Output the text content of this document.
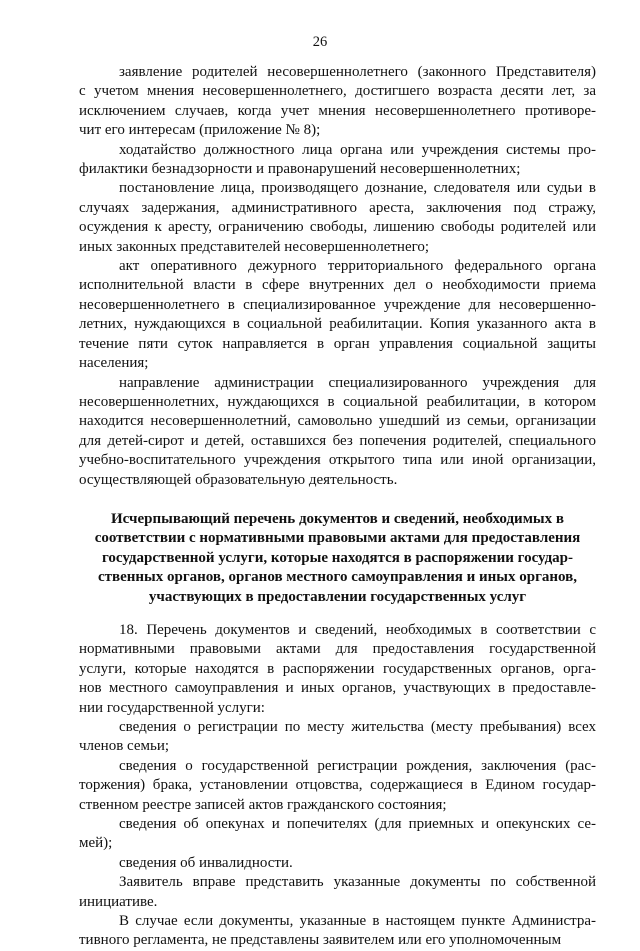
26
заявление родителей несовершеннолетнего (законного Представителя)
с учетом мнения несовершеннолетнего, достигшего возраста десяти лет, за
исключением случаев, когда учет мнения несовершеннолетнего противоре-
чит его интересам (приложение № 8);
ходатайство должностного лица органа или учреждения системы про-
филактики безнадзорности и правонарушений несовершеннолетних;
постановление лица, производящего дознание, следователя или судьи в
случаях задержания, административного ареста, заключения под стражу,
осуждения к аресту, ограничению свободы, лишению свободы родителей или
иных законных представителей несовершеннолетнего;
акт оперативного дежурного территориального федерального органа
исполнительной власти в сфере внутренних дел о необходимости приема
несовершеннолетнего в специализированное учреждение для несовершенно-
летних, нуждающихся в социальной реабилитации. Копия указанного акта в
течение пяти суток направляется в орган управления социальной защиты
населения;
направление администрации специализированного учреждения для
несовершеннолетних, нуждающихся в социальной реабилитации, в котором
находится несовершеннолетний, самовольно ушедший из семьи, организации
для детей-сирот и детей, оставшихся без попечения родителей, специального
учебно-воспитательного учреждения открытого типа или иной организации,
осуществляющей образовательную деятельность.
Исчерпывающий перечень документов и сведений, необходимых в
соответствии с нормативными правовыми актами для предоставления
государственной услуги, которые находятся в распоряжении государ-
ственных органов, органов местного самоуправления и иных органов,
участвующих в предоставлении государственных услуг
18. Перечень документов и сведений, необходимых в соответствии с
нормативными правовыми актами для предоставления государственной
услуги, которые находятся в распоряжении государственных органов, орга-
нов местного самоуправления и иных органов, участвующих в предоставле-
нии государственной услуги:
сведения о регистрации по месту жительства (месту пребывания) всех
членов семьи;
сведения о государственной регистрации рождения, заключения (рас-
торжения) брака, установлении отцовства, содержащиеся в Едином государ-
ственном реестре записей актов гражданского состояния;
сведения об опекунах и попечителях (для приемных и опекунских се-
мей);
сведения об инвалидности.
Заявитель вправе представить указанные документы по собственной
инициативе.
В случае если документы, указанные в настоящем пункте Администра-
тивного регламента, не представлены заявителем или его уполномоченным
